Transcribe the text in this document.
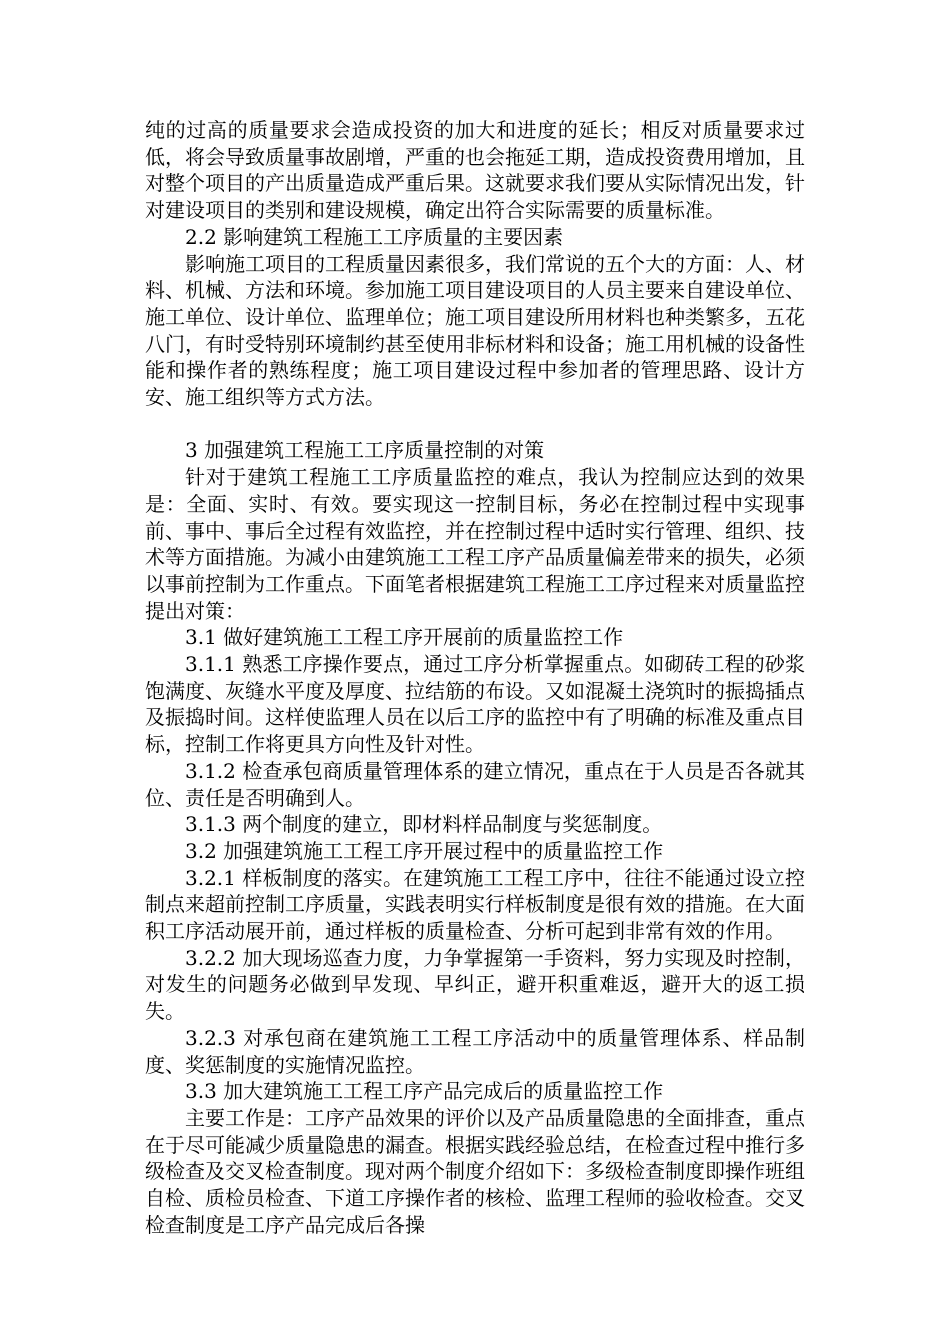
纯的过高的质量要求会造成投资的加大和进度的延长；相反对质量要求过低，将会导致质量事故剧增，严重的也会拖延工期，造成投资费用增加，且对整个项目的产出质量造成严重后果。这就要求我们要从实际情况出发，针对建设项目的类别和建设规模，确定出符合实际需要的质量标准。

2.2 影响建筑工程施工工序质量的主要因素

影响施工项目的工程质量因素很多，我们常说的五个大的方面：人、材料、机械、方法和环境。参加施工项目建设项目的人员主要来自建设单位、施工单位、设计单位、监理单位；施工项目建设所用材料也种类繁多，五花八门，有时受特别环境制约甚至使用非标材料和设备；施工用机械的设备性能和操作者的熟练程度；施工项目建设过程中参加者的管理思路、设计方安、施工组织等方式方法。

3 加强建筑工程施工工序质量控制的对策

针对于建筑工程施工工序质量监控的难点，我认为控制应达到的效果是：全面、实时、有效。要实现这一控制目标，务必在控制过程中实现事前、事中、事后全过程有效监控，并在控制过程中适时实行管理、组织、技术等方面措施。为减小由建筑施工工程工序产品质量偏差带来的损失，必须以事前控制为工作重点。下面笔者根据建筑工程施工工序过程来对质量监控提出对策：

3.1 做好建筑施工工程工序开展前的质量监控工作

3.1.1 熟悉工序操作要点，通过工序分析掌握重点。如砌砖工程的砂浆饱满度、灰缝水平度及厚度、拉结筋的布设。又如混凝土浇筑时的振捣插点及振捣时间。这样使监理人员在以后工序的监控中有了明确的标准及重点目标，控制工作将更具方向性及针对性。

3.1.2 检查承包商质量管理体系的建立情况，重点在于人员是否各就其位、责任是否明确到人。

3.1.3 两个制度的建立，即材料样品制度与奖惩制度。

3.2 加强建筑施工工程工序开展过程中的质量监控工作

3.2.1 样板制度的落实。在建筑施工工程工序中，往往不能通过设立控制点来超前控制工序质量，实践表明实行样板制度是很有效的措施。在大面积工序活动展开前，通过样板的质量检查、分析可起到非常有效的作用。

3.2.2 加大现场巡查力度，力争掌握第一手资料，努力实现及时控制，对发生的问题务必做到早发现、早纠正，避开积重难返，避开大的返工损失。

3.2.3 对承包商在建筑施工工程工序活动中的质量管理体系、样品制度、奖惩制度的实施情况监控。

3.3 加大建筑施工工程工序产品完成后的质量监控工作

主要工作是：工序产品效果的评价以及产品质量隐患的全面排查，重点在于尽可能减少质量隐患的漏查。根据实践经验总结，在检查过程中推行多级检查及交叉检查制度。现对两个制度介绍如下：多级检查制度即操作班组自检、质检员检查、下道工序操作者的核检、监理工程师的验收检查。交叉检查制度是工序产品完成后各操
